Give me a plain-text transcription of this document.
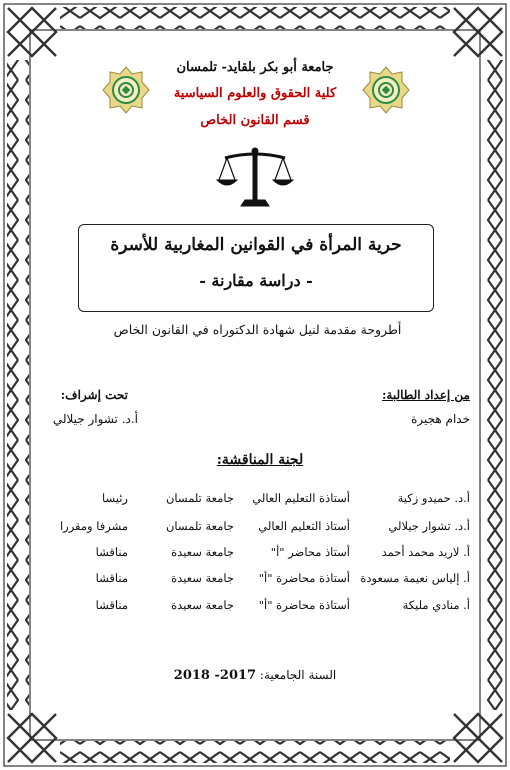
جامعة أبو بكر بلقايد- تلمسان
كلية الحقوق والعلوم السياسية
قسم القانون الخاص
حرية المرأة في القوانين المغاربية للأسرة
- دراسة مقارنة -
أطروحة مقدمة لنيل شهادة الدكتوراه في القانون الخاص
من إعداد الطالبة:
خدام هجيرة
تحت إشراف:
أ.د. تشوار جيلالي
لجنة المناقشة:
أ.د. حميدو زكية
أستاذة التعليم العالي
جامعة تلمسان
رئيسا
أ.د. تشوار جيلالي
أستاذ التعليم العالي
جامعة تلمسان
مشرفا ومقررا
أ. لاريد محمد أحمد
أستاذ محاضر "أ"
جامعة سعيدة
مناقشا
أ. إلياس نعيمة مسعودة
أستاذة محاضرة "أ"
جامعة سعيدة
مناقشا
أ. منادي مليكة
أستاذة محاضرة "أ"
جامعة سعيدة
مناقشا
السنة الجامعية: 2017- 2018
